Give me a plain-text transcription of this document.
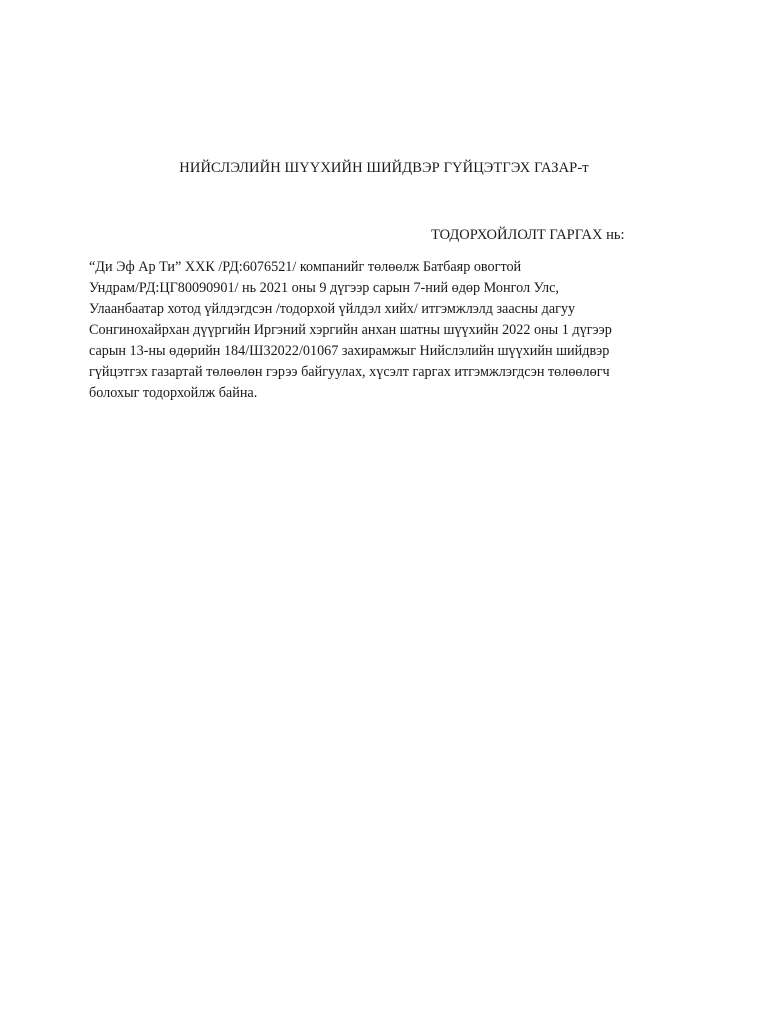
НИЙСЛЭЛИЙН ШҮҮХИЙН ШИЙДВЭР ГҮЙЦЭТГЭХ ГАЗАР-т

ТОДОРХОЙЛОЛТ ГАРГАХ нь:

“Ди Эф Ар Ти” ХХК /РД:6076521/ компанийг төлөөлж Батбаяр овогтой
Ундрам/РД:ЦГ80090901/ нь 2021 оны 9 дүгээр сарын 7-ний өдөр Монгол Улс,
Улаанбаатар хотод үйлдэгдсэн /тодорхой үйлдэл хийх/ итгэмжлэлд заасны дагуу
Сонгинохайрхан дүүргийн Иргэний хэргийн анхан шатны шүүхийн 2022 оны 1 дүгээр
сарын 13-ны өдөрийн 184/Ш32022/01067 захирамжыг Нийслэлийн шүүхийн шийдвэр
гүйцэтгэх газартай төлөөлөн гэрээ байгуулах, хүсэлт гаргах итгэмжлэгдсэн төлөөлөгч
болохыг тодорхойлж байна.
